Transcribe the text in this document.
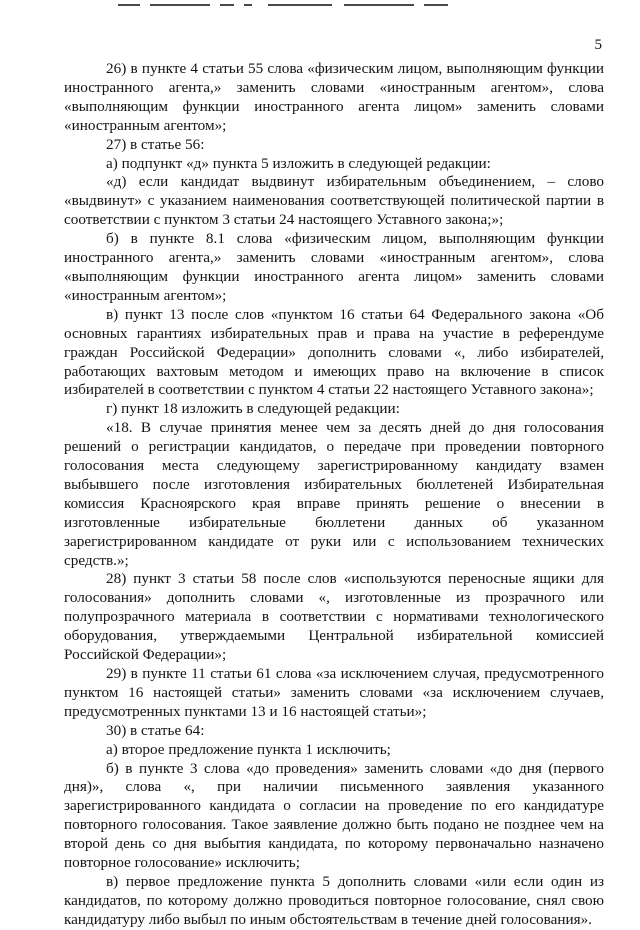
5

26) в пункте 4 статьи 55 слова «физическим лицом, выполняющим функции иностранного агента,» заменить словами «иностранным агентом», слова «выполняющим функции иностранного агента лицом» заменить словами «иностранным агентом»;

27) в статье 56:

а) подпункт «д» пункта 5 изложить в следующей редакции:

«д) если кандидат выдвинут избирательным объединением, – слово «выдвинут» с указанием наименования соответствующей политической партии в соответствии с пунктом 3 статьи 24 настоящего Уставного закона;»;

б) в пункте 8.1 слова «физическим лицом, выполняющим функции иностранного агента,» заменить словами «иностранным агентом», слова «выполняющим функции иностранного агента лицом» заменить словами «иностранным агентом»;

в) пункт 13 после слов «пунктом 16 статьи 64 Федерального закона «Об основных гарантиях избирательных прав и права на участие в референдуме граждан Российской Федерации» дополнить словами «, либо избирателей, работающих вахтовым методом и имеющих право на включение в список избирателей в соответствии с пунктом 4 статьи 22 настоящего Уставного закона»;

г) пункт 18 изложить в следующей редакции:

«18. В случае принятия менее чем за десять дней до дня голосования решений о регистрации кандидатов, о передаче при проведении повторного голосования места следующему зарегистрированному кандидату взамен выбывшего после изготовления избирательных бюллетеней Избирательная комиссия Красноярского края вправе принять решение о внесении в изготовленные избирательные бюллетени данных об указанном зарегистрированном кандидате от руки или с использованием технических средств.»;

28) пункт 3 статьи 58 после слов «используются переносные ящики для голосования» дополнить словами «, изготовленные из прозрачного или полупрозрачного материала в соответствии с нормативами технологического оборудования, утверждаемыми Центральной избирательной комиссией Российской Федерации»;

29) в пункте 11 статьи 61 слова «за исключением случая, предусмотренного пунктом 16 настоящей статьи» заменить словами «за исключением случаев, предусмотренных пунктами 13 и 16 настоящей статьи»;

30) в статье 64:

а) второе предложение пункта 1 исключить;

б) в пункте 3 слова «до проведения» заменить словами «до дня (первого дня)», слова «, при наличии письменного заявления указанного зарегистрированного кандидата о согласии на проведение по его кандидатуре повторного голосования. Такое заявление должно быть подано не позднее чем на второй день со дня выбытия кандидата, по которому первоначально назначено повторное голосование» исключить;

в) первое предложение пункта 5 дополнить словами «или если один из кандидатов, по которому должно проводиться повторное голосование, снял свою кандидатуру либо выбыл по иным обстоятельствам в течение дней голосования».
